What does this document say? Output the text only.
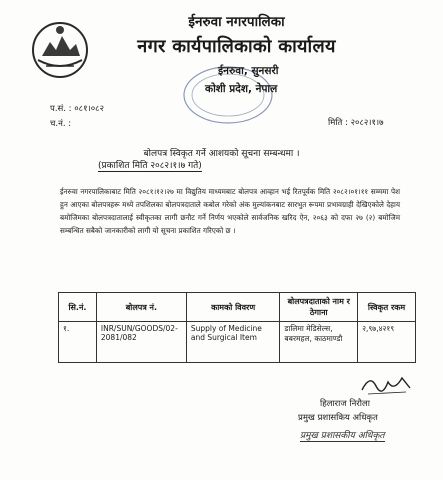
ईनरुवा नगरपालिका
नगर कार्यपालिकाको कार्यालय
ईनरुवा, सुनसरी
कोशी प्रदेश, नेपाल
प.सं. : ०८१।०८२
च.नं. :	मिति : २०८२।१।७
बोलपत्र स्विकृत गर्ने आशयको सूचना सम्बन्धमा ।
(प्रकाशित मिति २०८२।१।७ गते)
ईनरुवा नगरपालिकाबाट मिति २०८१।१२।२७ मा विद्युतिय माध्यमबाट बोलपत्र आव्हान भई रितपूर्वक मिति २०८२।०१।११ सम्ममा पेश हुन आएका बोलपत्रहरू मध्ये तपशिलका बोलपत्रदाताले कबोल गरेको अंक मुल्यांकनबाट सारभुत रूपमा प्रभावग्राही देखिएकोले देहाय बमोजिमका बोलपत्रदातालाई स्वीकृतका लागी छनौट गर्ने निर्णय भएकोले सार्वजनिक खरिद ऐन, २०६३ को दफा २७ (२) बमोजिम सम्बन्धित सबैको जानकारीको लागी यो सूचना प्रकाशित गरिएको छ ।
सि.नं.	बोलपत्र नं.	कामको विवरण	बोलपत्रदाताको नाम र ठेगाना	स्विकृत रकम
१.	INR/SUN/GOODS/02-2081/082	Supply of Medicine and Surgical Item	डालिमा मेडिसेल्स, बबरमहल, काठमाण्डौ	२,९७,४२१९
हिलाराज निरौला
प्रमुख प्रशासकिय अधिकृत
प्रमुख प्रशासकीय अधिकृत
